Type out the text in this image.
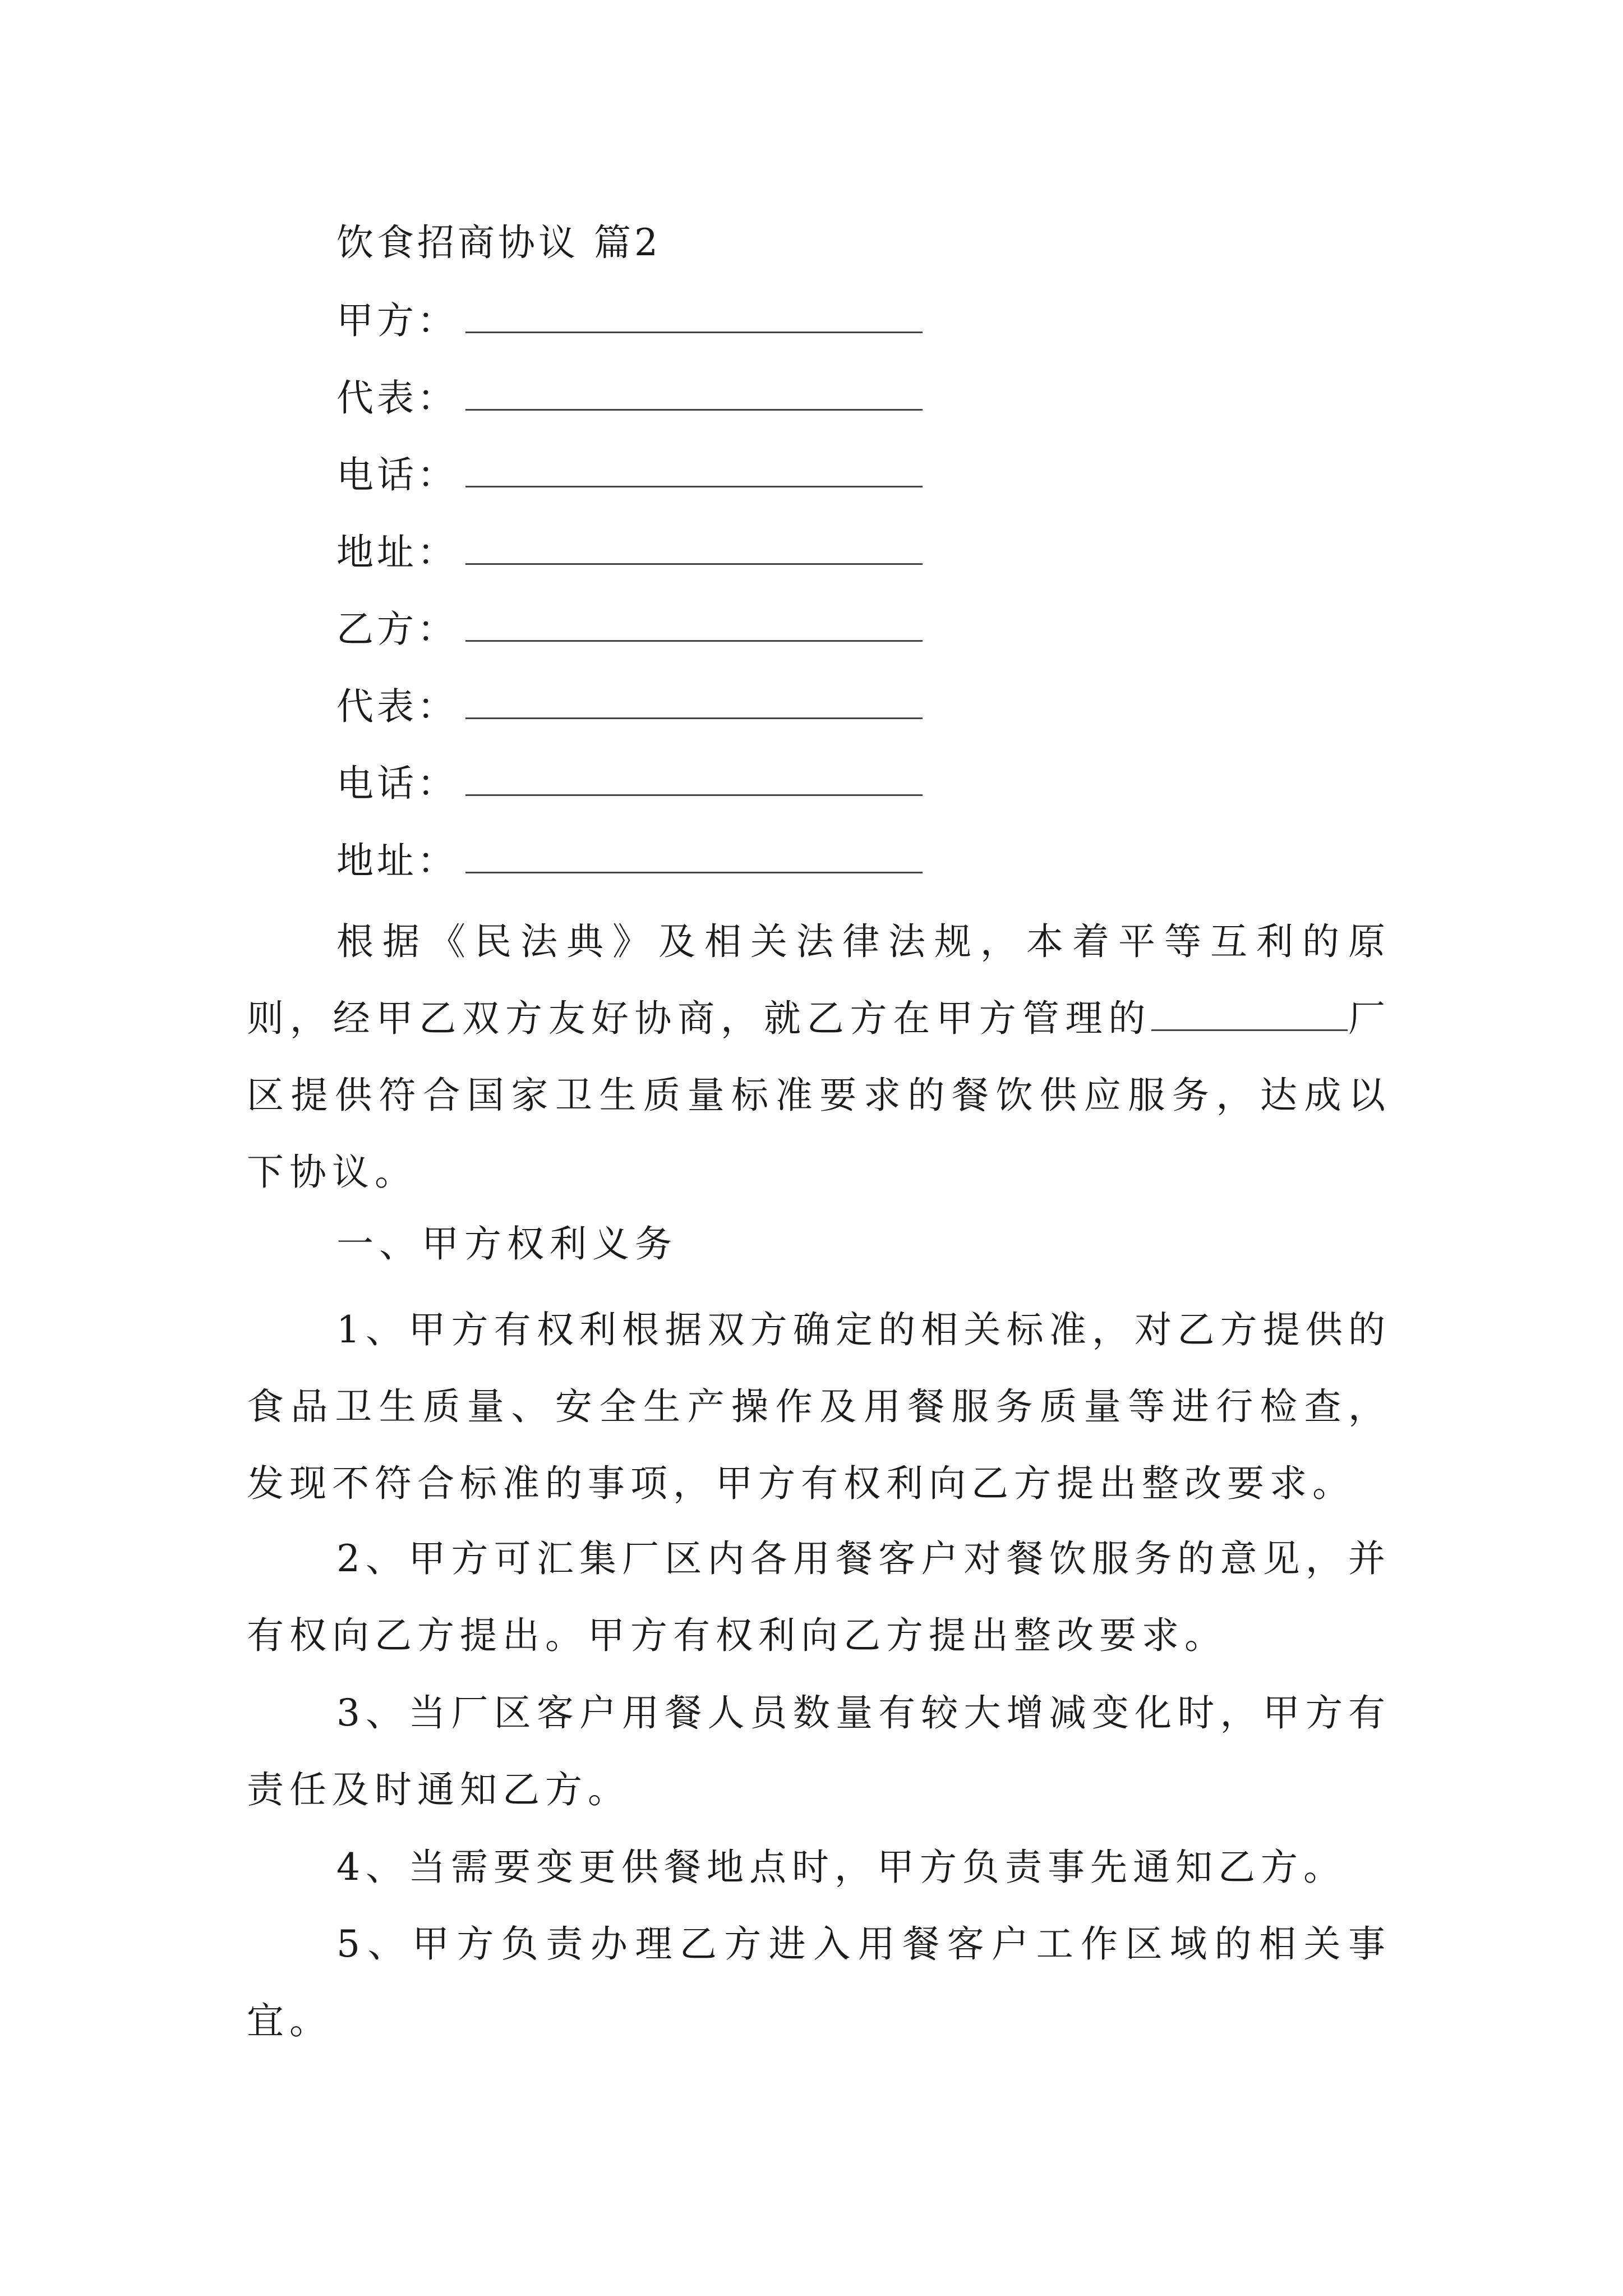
饮食招商协议 篇2
甲方：
代表：
电话：
地址：
乙方：
代表：
电话：
地址：

根据《民法典》及相关法律法规，本着平等互利的原则，经甲乙双方友好协商，就乙方在甲方管理的	厂区提供符合国家卫生质量标准要求的餐饮供应服务，达成以下协议。

一、甲方权利义务

1、甲方有权利根据双方确定的相关标准，对乙方提供的食品卫生质量、安全生产操作及用餐服务质量等进行检查，发现不符合标准的事项，甲方有权利向乙方提出整改要求。

2、甲方可汇集厂区内各用餐客户对餐饮服务的意见，并有权向乙方提出。甲方有权利向乙方提出整改要求。

3、当厂区客户用餐人员数量有较大增减变化时，甲方有责任及时通知乙方。

4、当需要变更供餐地点时，甲方负责事先通知乙方。

5、甲方负责办理乙方进入用餐客户工作区域的相关事宜。
